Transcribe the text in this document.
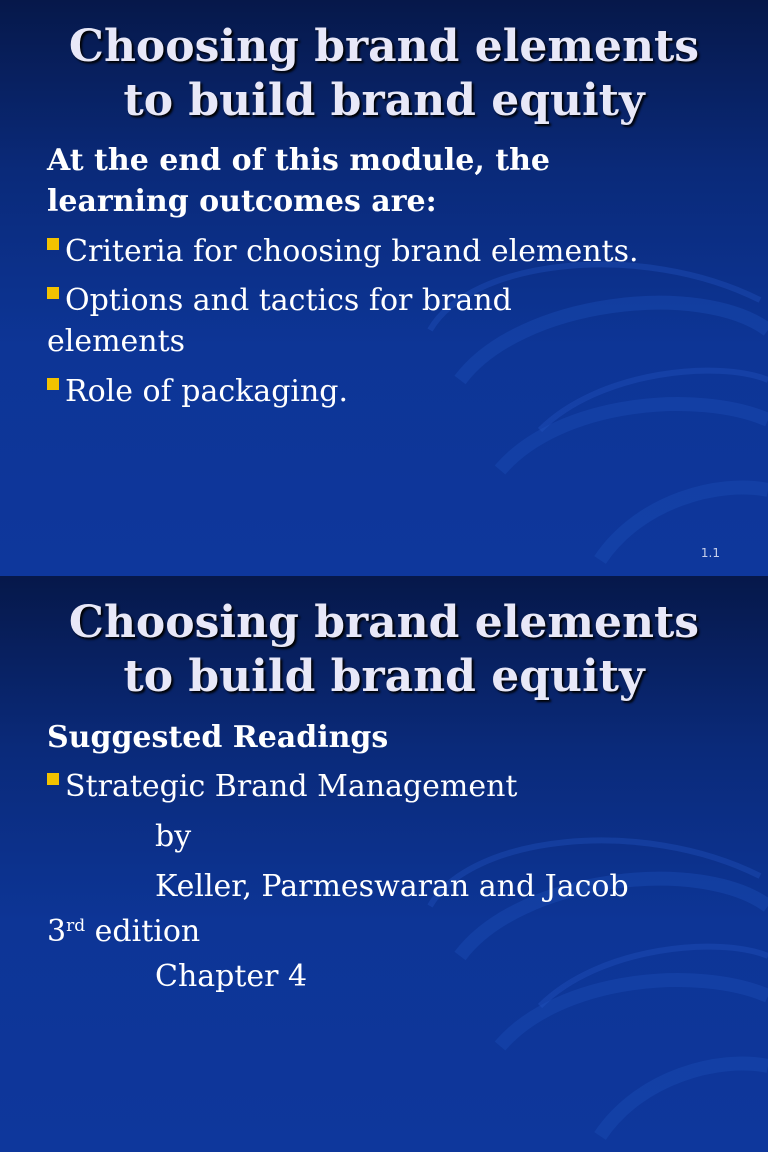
Choosing brand elements
to build brand equity
At the end of this module, the
learning outcomes are:
Criteria for choosing brand elements.
Options and tactics for brand
elements
Role of packaging.
1.1
Choosing brand elements
to build brand equity
Suggested Readings
Strategic Brand Management
by
Keller, Parmeswaran and Jacob
3rd edition
Chapter 4
